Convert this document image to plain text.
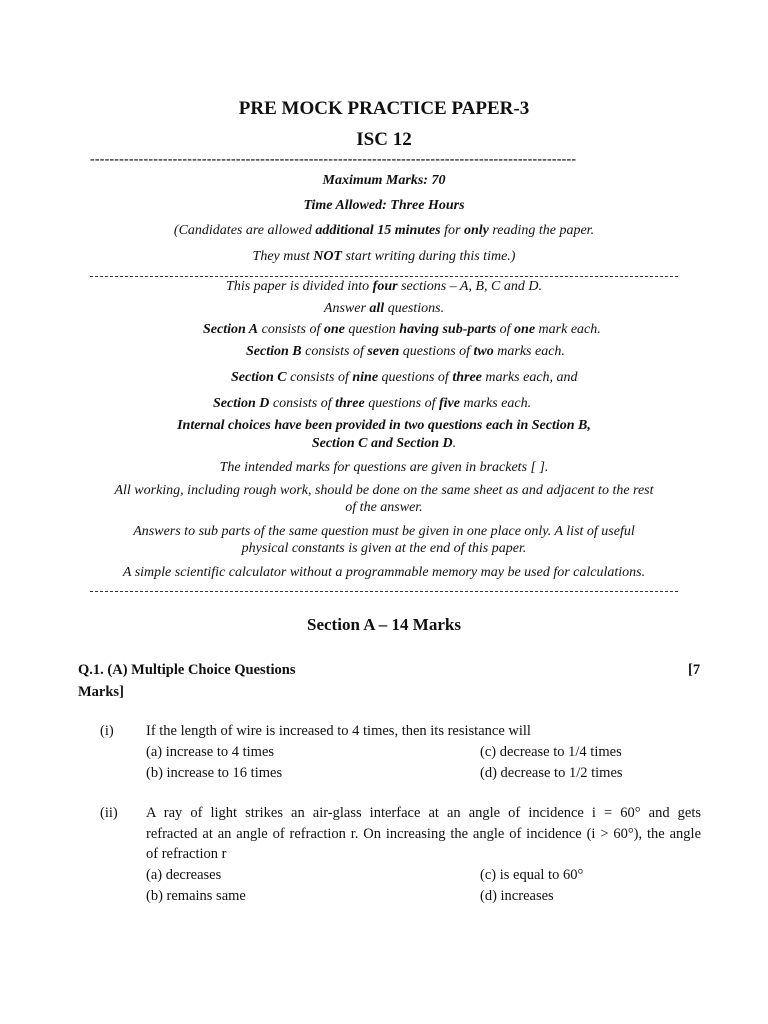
PRE MOCK PRACTICE PAPER-3
ISC 12
----------------------------------------------------------------------------------------------------
Maximum Marks: 70
Time Allowed: Three Hours
(Candidates are allowed additional 15 minutes for only reading the paper.
They must NOT start writing during this time.)
This paper is divided into four sections – A, B, C and D.
Answer all questions.
Section A consists of one question having sub-parts of one mark each.
Section B consists of seven questions of two marks each.
Section C consists of nine questions of three marks each, and
Section D consists of three questions of five marks each.
Internal choices have been provided in two questions each in Section B,
Section C and Section D.
The intended marks for questions are given in brackets [ ].
All working, including rough work, should be done on the same sheet as and adjacent to the rest
of the answer.
Answers to sub parts of the same question must be given in one place only. A list of useful
physical constants is given at the end of this paper.
A simple scientific calculator without a programmable memory may be used for calculations.
Section A – 14 Marks
Q.1. (A) Multiple Choice Questions	[7
Marks]
(i) If the length of wire is increased to 4 times, then its resistance will
(a) increase to 4 times
(b) increase to 16 times
(c) decrease to 1/4 times
(d) decrease to 1/2 times
(ii) A ray of light strikes an air-glass interface at an angle of incidence i = 60° and gets
refracted at an angle of refraction r. On increasing the angle of incidence (i > 60°), the angle
of refraction r
(a) decreases
(b) remains same
(c) is equal to 60°
(d) increases
